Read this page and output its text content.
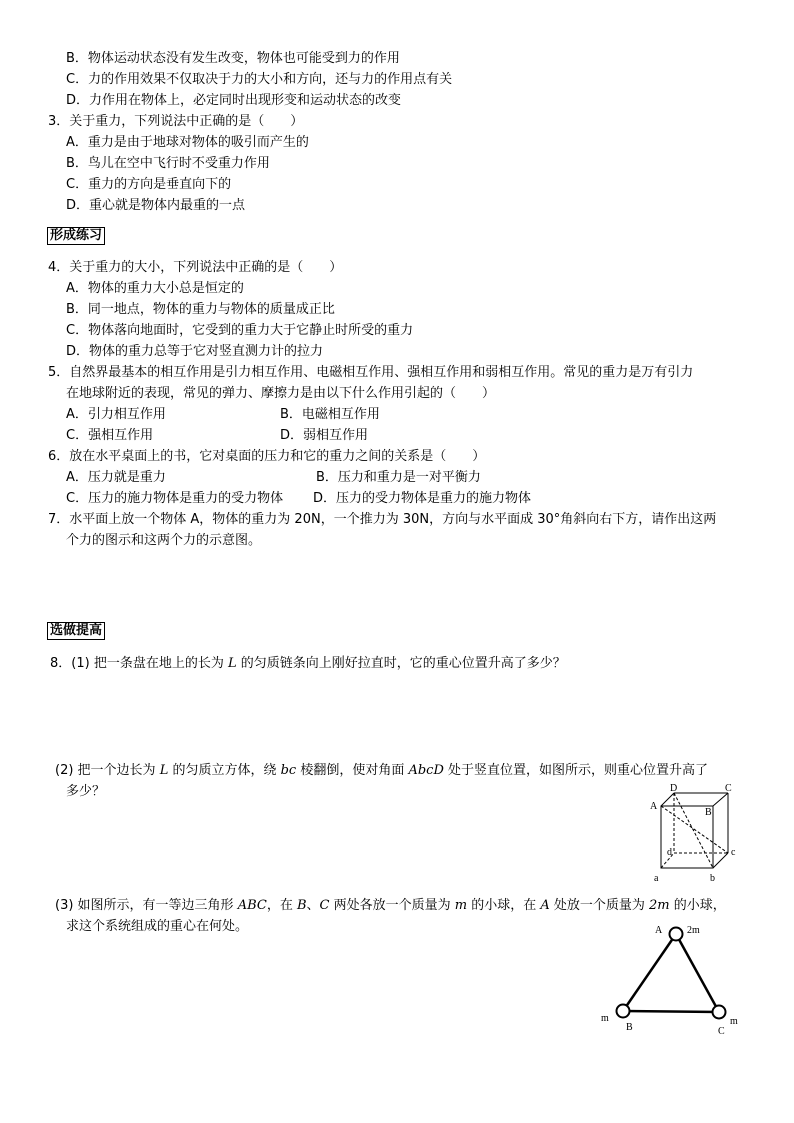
B．物体运动状态没有发生改变，物体也可能受到力的作用
C．力的作用效果不仅取决于力的大小和方向，还与力的作用点有关
D．力作用在物体上，必定同时出现形变和运动状态的改变
3．关于重力，下列说法中正确的是（　　）
A．重力是由于地球对物体的吸引而产生的
B．鸟儿在空中飞行时不受重力作用
C．重力的方向是垂直向下的
D．重心就是物体内最重的一点
形成练习
4．关于重力的大小，下列说法中正确的是（　　）
A．物体的重力大小总是恒定的
B．同一地点，物体的重力与物体的质量成正比
C．物体落向地面时，它受到的重力大于它静止时所受的重力
D．物体的重力总等于它对竖直测力计的拉力
5．自然界最基本的相互作用是引力相互作用、电磁相互作用、强相互作用和弱相互作用。常见的重力是万有引力
在地球附近的表现，常见的弹力、摩擦力是由以下什么作用引起的（　　）
A．引力相互作用	B．电磁相互作用
C．强相互作用	D．弱相互作用
6．放在水平桌面上的书，它对桌面的压力和它的重力之间的关系是（　　）
A．压力就是重力	B．压力和重力是一对平衡力
C．压力的施力物体是重力的受力物体 D．压力的受力物体是重力的施力物体
7．水平面上放一个物体 A，物体的重力为 20N，一个推力为 30N，方向与水平面成 30°角斜向右下方，请作出这两
个力的图示和这两个力的示意图。
选做提高
8．(1) 把一条盘在地上的长为 L 的匀质链条向上刚好拉直时，它的重心位置升高了多少？
(2) 把一个边长为 L 的匀质立方体，绕 bc 棱翻倒，使对角面 AbcD 处于竖直位置，如图所示，则重心位置升高了
多少？	D	C
A
B
d	c
a	b
(3) 如图所示，有一等边三角形 ABC，在 B、C 两处各放一个质量为 m 的小球，在 A 处放一个质量为 2m 的小球，
求这个系统组成的重心在何处。	A
B	C
2m
m	m
